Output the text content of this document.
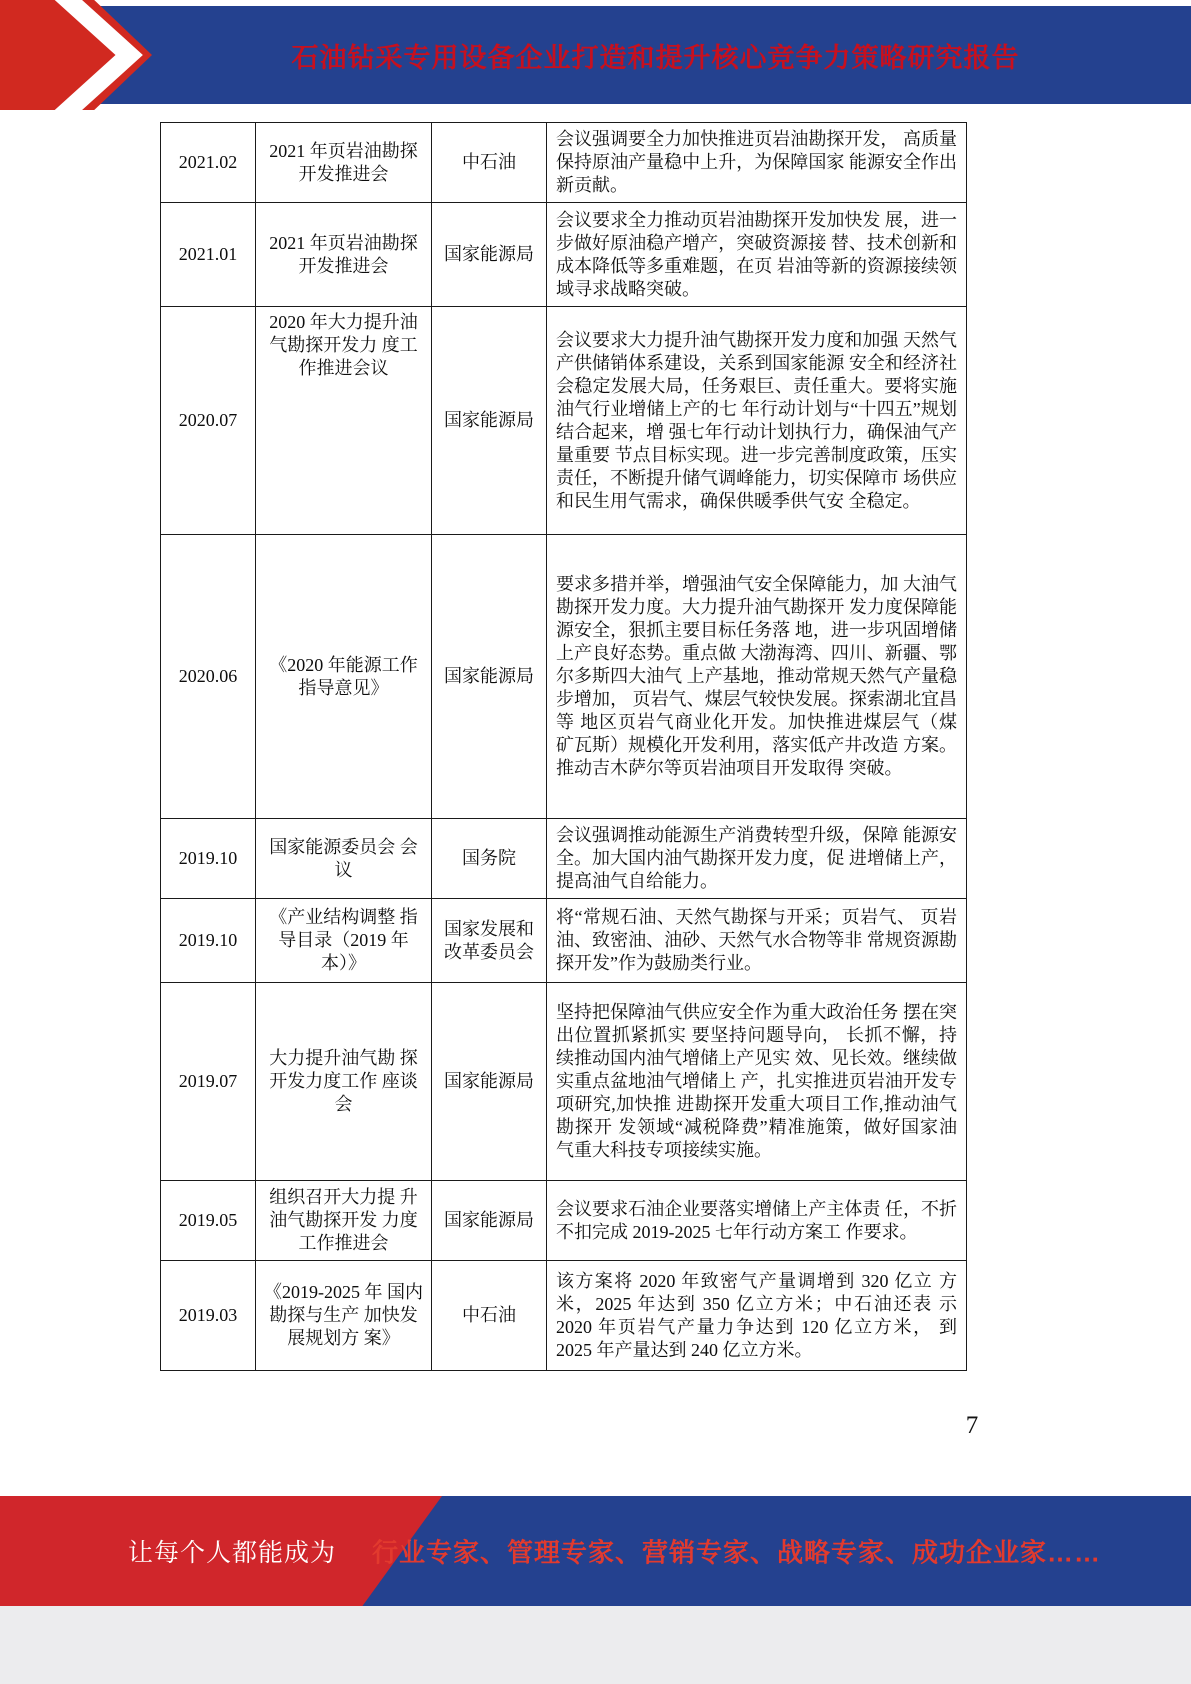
石油钻采专用设备企业打造和提升核心竞争力策略研究报告
2021.02	2021 年页岩油勘探开发推进会	中石油	会议强调要全力加快推进页岩油勘探开发， 高质量保持原油产量稳中上升，为保障国家 能源安全作出新贡献。
2021.01	2021 年页岩油勘探开发推进会	国家能源局	会议要求全力推动页岩油勘探开发加快发 展，进一步做好原油稳产增产，突破资源接 替、技术创新和成本降低等多重难题，在页 岩油等新的资源接续领域寻求战略突破。
2020.07	2020 年大力提升油气勘探开发力 度工作推进会议	国家能源局	会议要求大力提升油气勘探开发力度和加强 天然气产供储销体系建设，关系到国家能源 安全和经济社会稳定发展大局，任务艰巨、责任重大。要将实施油气行业增储上产的七 年行动计划与“十四五”规划结合起来，增 强七年行动计划执行力，确保油气产量重要 节点目标实现。进一步完善制度政策，压实 责任，不断提升储气调峰能力，切实保障市 场供应和民生用气需求，确保供暖季供气安 全稳定。
2020.06	《2020 年能源工作指导意见》	国家能源局	要求多措并举，增强油气安全保障能力，加 大油气勘探开发力度。大力提升油气勘探开 发力度保障能源安全，狠抓主要目标任务落 地，进一步巩固增储上产良好态势。重点做 大渤海湾、四川、新疆、鄂尔多斯四大油气 上产基地，推动常规天然气产量稳步增加， 页岩气、煤层气较快发展。探索湖北宜昌等 地区页岩气商业化开发。加快推进煤层气（煤 矿瓦斯）规模化开发利用，落实低产井改造 方案。推动吉木萨尔等页岩油项目开发取得 突破。
2019.10	国家能源委员会 会议	国务院	会议强调推动能源生产消费转型升级，保障 能源安全。加大国内油气勘探开发力度，促 进增储上产，提高油气自给能力。
2019.10	《产业结构调整 指导目录（2019 年本）》	国家发展和 改革委员会	将“常规石油、天然气勘探与开采；页岩气、 页岩油、致密油、油砂、天然气水合物等非 常规资源勘探开发”作为鼓励类行业。
2019.07	大力提升油气勘 探开发力度工作 座谈会	国家能源局	坚持把保障油气供应安全作为重大政治任务 摆在突出位置抓紧抓实 要坚持问题导向， 长抓不懈，持续推动国内油气增储上产见实 效、见长效。继续做实重点盆地油气增储上 产，扎实推进页岩油开发专项研究,加快推 进勘探开发重大项目工作,推动油气勘探开 发领域“减税降费”精准施策，做好国家油 气重大科技专项接续实施。
2019.05	组织召开大力提 升油气勘探开发 力度工作推进会	国家能源局	会议要求石油企业要落实增储上产主体责 任，不折不扣完成 2019-2025 七年行动方案工 作要求。
2019.03	《2019-2025 年 国内勘探与生产 加快发展规划方 案》	中石油	该方案将 2020 年致密气产量调增到 320 亿立 方米，2025 年达到 350 亿立方米；中石油还表 示 2020 年页岩气产量力争达到 120 亿立方米， 到 2025 年产量达到 240 亿立方米。
7
让每个人都能成为 行业专家、管理专家、营销专家、战略专家、成功企业家……
